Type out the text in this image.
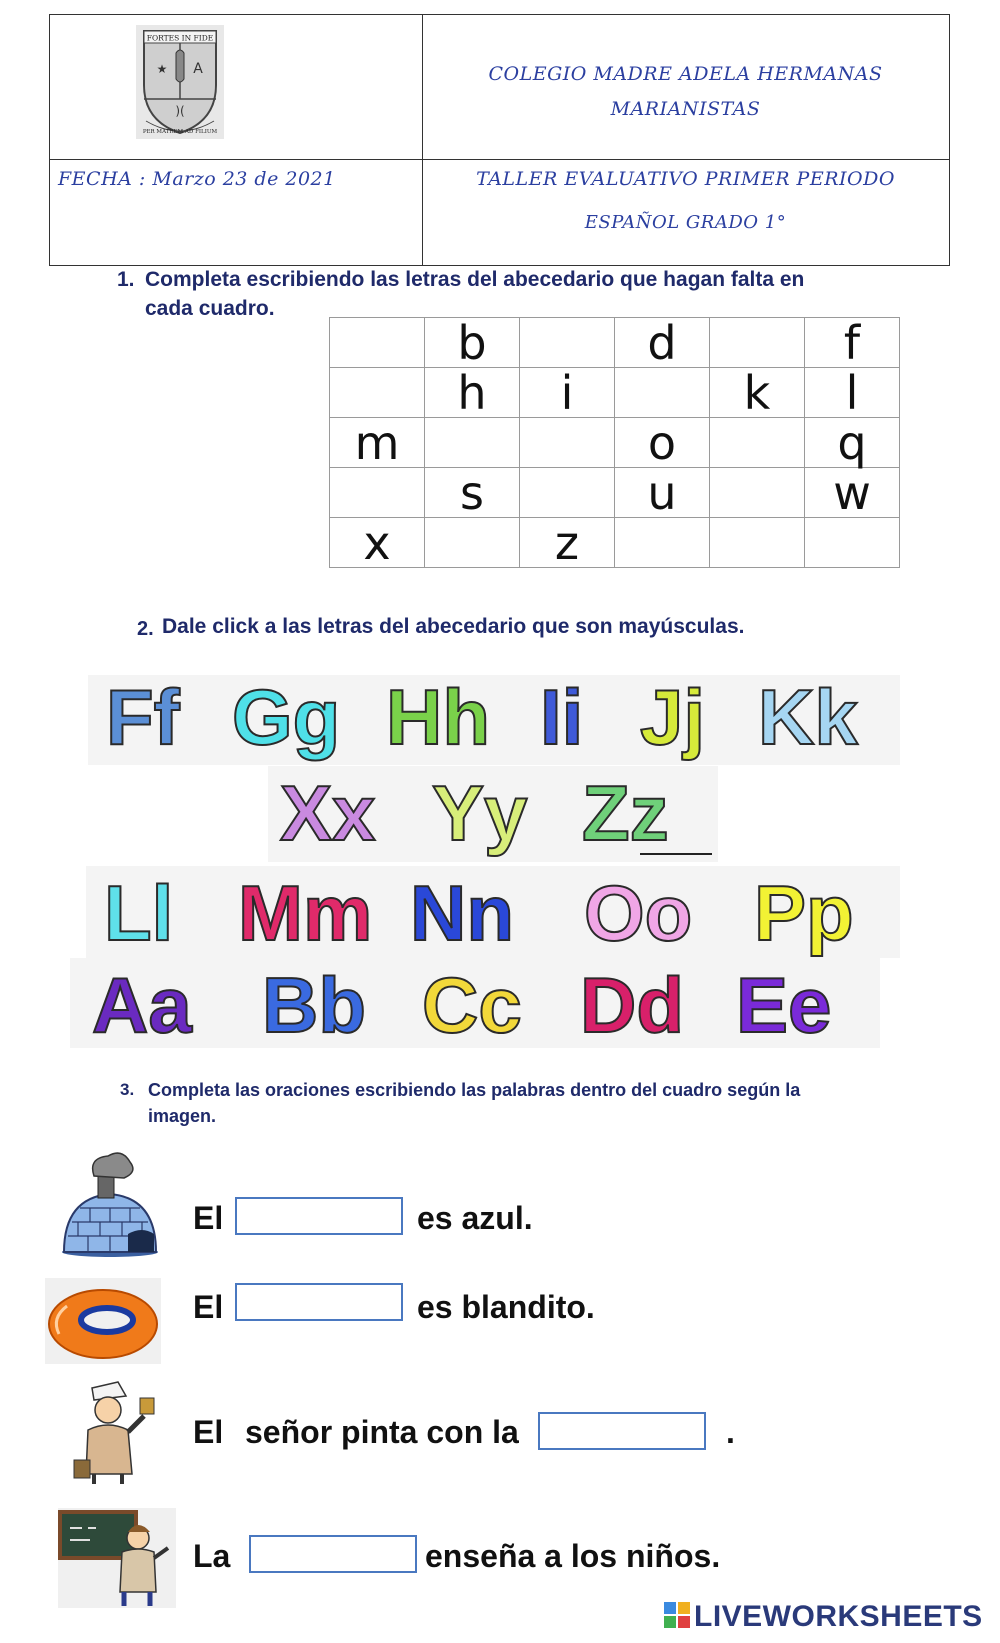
FORTES IN FIDE
★ A
)(
PER MATREM AD FILIUM
COLEGIO MADRE ADELA HERMANAS
MARIANISTAS
FECHA : Marzo 23 de 2021	TALLER EVALUATIVO PRIMER PERIODO
ESPAÑOL GRADO 1°
1. Completa escribiendo las letras del abecedario que hagan falta en
cada cuadro.
	b		d		f
	h	i		k	l
m			o		q
	s		u		w
x		z			
2. Dale click a las letras del abecedario que son mayúsculas.
Ff Gg Hh Ii Jj Kk
Xx Yy Zz
Ll Mm Nn Oo Pp
Aa Bb Cc Dd Ee
3. Completa las oraciones escribiendo las palabras dentro del cuadro según la
imagen.
El	es azul.
El	es blandito.
El señor pinta con la	.
La	enseña a los niños.
LIVEWORKSHEETS
